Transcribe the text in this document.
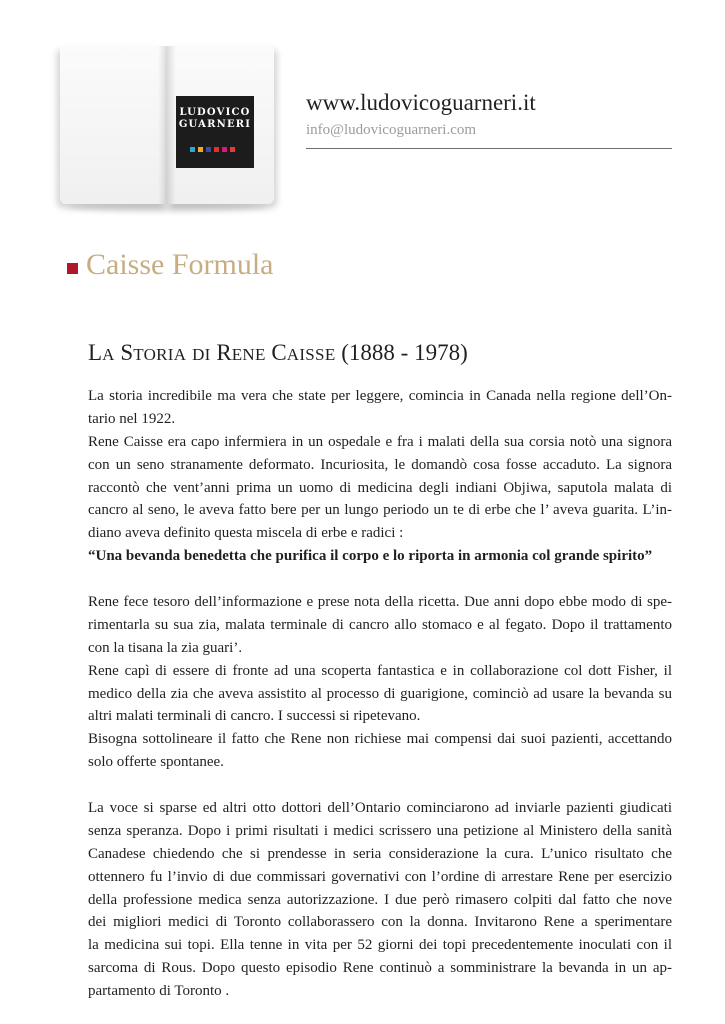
LUDOVICO
GUARNERI
www.ludovicoguarneri.it
info@ludovicoguarneri.com
Caisse Formula
LA STORIA DI RENE CAISSE (1888 - 1978)
La storia incredibile ma vera che state per leggere, comincia in Canada nella regione dell’On-
tario nel 1922.
Rene Caisse era capo infermiera in un ospedale e fra i malati della sua corsia notò una signora
con un seno stranamente deformato. Incuriosita, le domandò cosa fosse accaduto. La signora
raccontò che vent’anni prima un uomo di medicina degli indiani Objiwa, saputola malata di
cancro al seno, le aveva fatto bere per un lungo periodo un te di erbe che l’ aveva guarita. L’in-
diano aveva definito questa miscela di erbe e radici :
“Una bevanda benedetta che purifica il corpo e lo riporta in armonia col grande spirito”
Rene fece tesoro dell’informazione e prese nota della ricetta. Due anni dopo ebbe modo di spe-
rimentarla su sua zia, malata terminale di cancro allo stomaco e al fegato. Dopo il trattamento
con la tisana la zia guari’.
Rene capì di essere di fronte ad una scoperta fantastica e in collaborazione col dott Fisher, il
medico della zia che aveva assistito al processo di guarigione, cominciò ad usare la bevanda su
altri malati terminali di cancro. I successi si ripetevano.
Bisogna sottolineare il fatto che Rene non richiese mai compensi dai suoi pazienti, accettando
solo offerte spontanee.
La voce si sparse ed altri otto dottori dell’Ontario cominciarono ad inviarle pazienti giudicati
senza speranza. Dopo i primi risultati i medici scrissero una petizione al Ministero della sanità
Canadese chiedendo che si prendesse in seria considerazione la cura. L’unico risultato che
ottennero fu l’invio di due commissari governativi con l’ordine di arrestare Rene per esercizio
della professione medica senza autorizzazione. I due però rimasero colpiti dal fatto che nove
dei migliori medici di Toronto collaborassero con la donna. Invitarono Rene a sperimentare
la medicina sui topi. Ella tenne in vita per 52 giorni dei topi precedentemente inoculati con il
sarcoma di Rous. Dopo questo episodio Rene continuò a somministrare la bevanda in un ap-
partamento di Toronto .
